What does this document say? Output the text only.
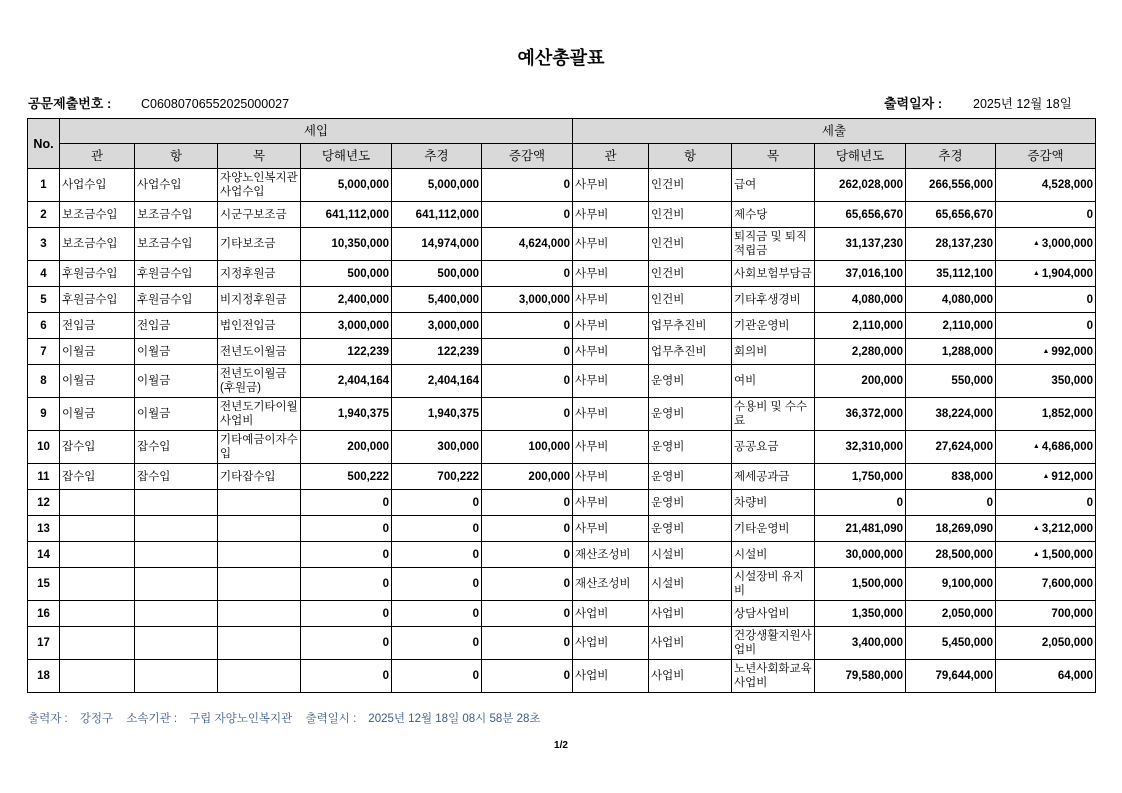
예산총괄표
공문제출번호 : C06080706552025000027	출력일자 : 2025년 12월 18일
No.	세입						세출					
	관	항	목	당해년도	추경	증감액	관	항	목	당해년도	추경	증감액
1	사업수입	사업수입	자양노인복지관사업수입	5,000,000	5,000,000	0	사무비	인건비	급여	262,028,000	266,556,000	4,528,000
2	보조금수입	보조금수입	시군구보조금	641,112,000	641,112,000	0	사무비	인건비	제수당	65,656,670	65,656,670	0
3	보조금수입	보조금수입	기타보조금	10,350,000	14,974,000	4,624,000	사무비	인건비	퇴직금 및 퇴직적립금	31,137,230	28,137,230	▲ 3,000,000
4	후원금수입	후원금수입	지정후원금	500,000	500,000	0	사무비	인건비	사회보험부담금	37,016,100	35,112,100	▲ 1,904,000
5	후원금수입	후원금수입	비지정후원금	2,400,000	5,400,000	3,000,000	사무비	인건비	기타후생경비	4,080,000	4,080,000	0
6	전입금	전입금	법인전입금	3,000,000	3,000,000	0	사무비	업무추진비	기관운영비	2,110,000	2,110,000	0
7	이월금	이월금	전년도이월금	122,239	122,239	0	사무비	업무추진비	회의비	2,280,000	1,288,000	▲ 992,000
8	이월금	이월금	전년도이월금(후원금)	2,404,164	2,404,164	0	사무비	운영비	여비	200,000	550,000	350,000
9	이월금	이월금	전년도기타이월사업비	1,940,375	1,940,375	0	사무비	운영비	수용비 및 수수료	36,372,000	38,224,000	1,852,000
10	잡수입	잡수입	기타예금이자수입	200,000	300,000	100,000	사무비	운영비	공공요금	32,310,000	27,624,000	▲ 4,686,000
11	잡수입	잡수입	기타잡수입	500,222	700,222	200,000	사무비	운영비	제세공과금	1,750,000	838,000	▲ 912,000
12				0	0	0	사무비	운영비	차량비	0	0	0
13				0	0	0	사무비	운영비	기타운영비	21,481,090	18,269,090	▲ 3,212,000
14				0	0	0	재산조성비	시설비	시설비	30,000,000	28,500,000	▲ 1,500,000
15				0	0	0	재산조성비	시설비	시설장비 유지비	1,500,000	9,100,000	7,600,000
16				0	0	0	사업비	사업비	상담사업비	1,350,000	2,050,000	700,000
17				0	0	0	사업비	사업비	건강생활지원사업비	3,400,000	5,450,000	2,050,000
18				0	0	0	사업비	사업비	노년사회화교육사업비	79,580,000	79,644,000	64,000
출력자 : 강정구 소속기관 : 구립 자양노인복지관 출력일시 : 2025년 12월 18일 08시 58분 28초
1/2
